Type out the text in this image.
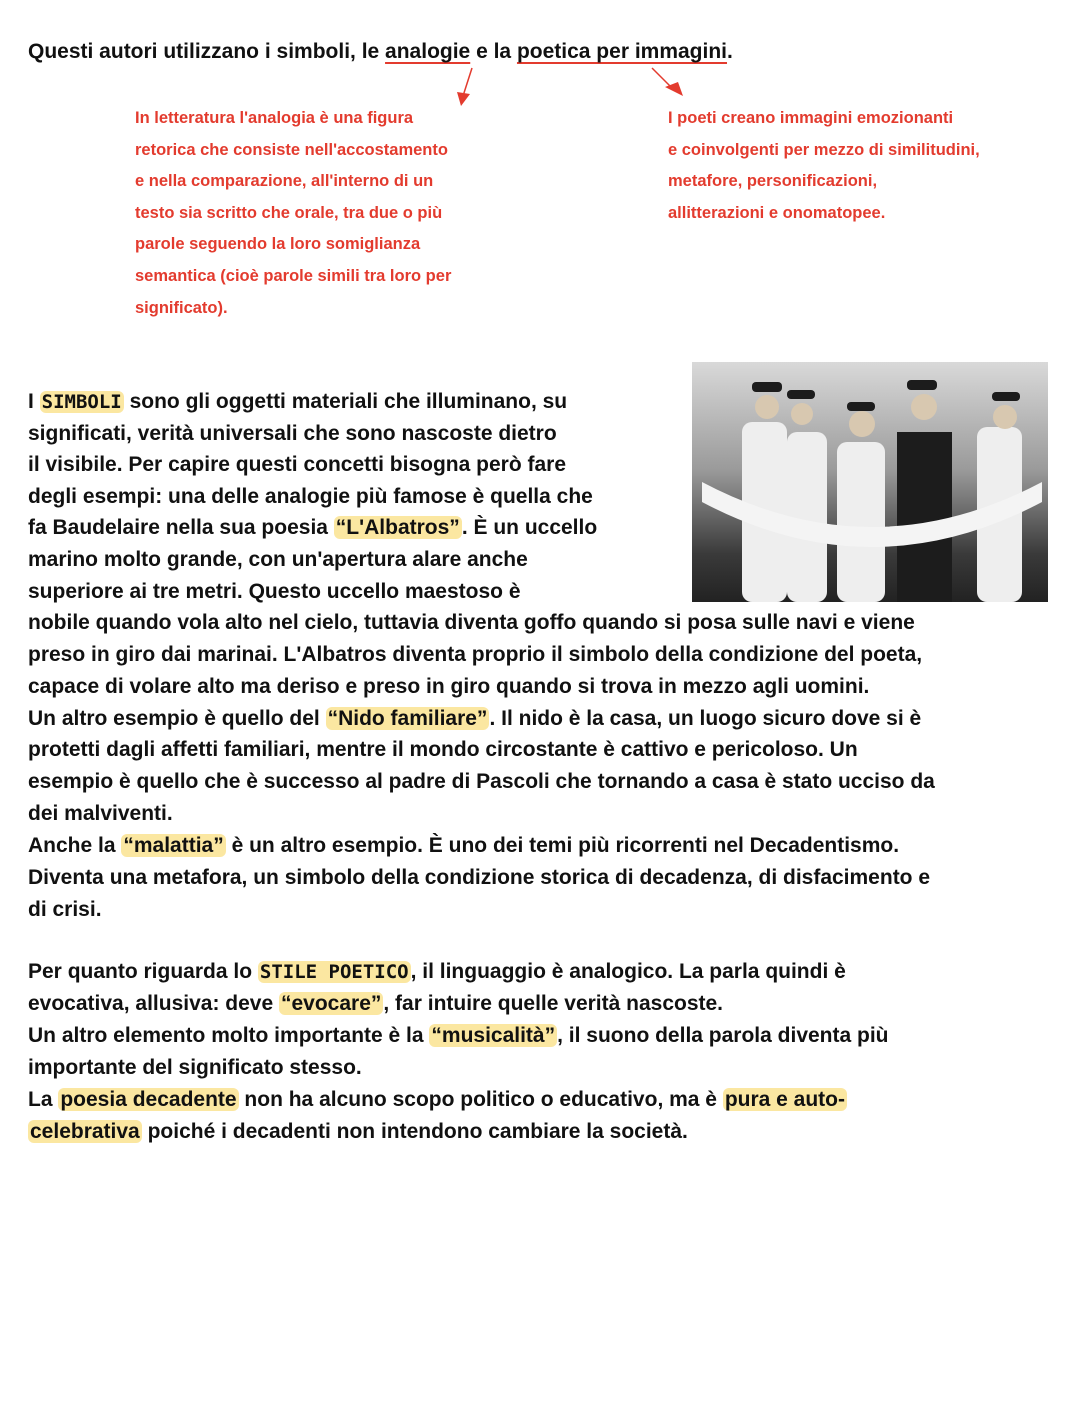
Questi autori utilizzano i simboli, le analogie e la poetica per immagini.
In letteratura l'analogia è una figura
retorica che consiste nell'accostamento
e nella comparazione, all'interno di un
testo sia scritto che orale, tra due o più
parole seguendo la loro somiglianza
semantica (cioè parole simili tra loro per
significato).
I poeti creano immagini emozionanti
e coinvolgenti per mezzo di similitudini,
metafore, personificazioni,
allitterazioni e onomatopee.
I SIMBOLI sono gli oggetti materiali che illuminano, su
significati, verità universali che sono nascoste dietro
il visibile. Per capire questi concetti bisogna però fare
degli esempi: una delle analogie più famose è quella che
fa Baudelaire nella sua poesia “L'Albatros”. È un uccello
marino molto grande, con un'apertura alare anche
superiore ai tre metri. Questo uccello maestoso è
nobile quando vola alto nel cielo, tuttavia diventa goffo quando si posa sulle navi e viene
preso in giro dai marinai. L'Albatros diventa proprio il simbolo della condizione del poeta,
capace di volare alto ma deriso e preso in giro quando si trova in mezzo agli uomini.
Un altro esempio è quello del “Nido familiare”. Il nido è la casa, un luogo sicuro dove si è
protetti dagli affetti familiari, mentre il mondo circostante è cattivo e pericoloso. Un
esempio è quello che è successo al padre di Pascoli che tornando a casa è stato ucciso da
dei malviventi.
Anche la “malattia” è un altro esempio. È uno dei temi più ricorrenti nel Decadentismo.
Diventa una metafora, un simbolo della condizione storica di decadenza, di disfacimento e
di crisi.
Per quanto riguarda lo STILE POETICO, il linguaggio è analogico. La parla quindi è
evocativa, allusiva: deve “evocare”, far intuire quelle verità nascoste.
Un altro elemento molto importante è la “musicalità”, il suono della parola diventa più
importante del significato stesso.
La poesia decadente non ha alcuno scopo politico o educativo, ma è pura e auto-
celebrativa poiché i decadenti non intendono cambiare la società.
